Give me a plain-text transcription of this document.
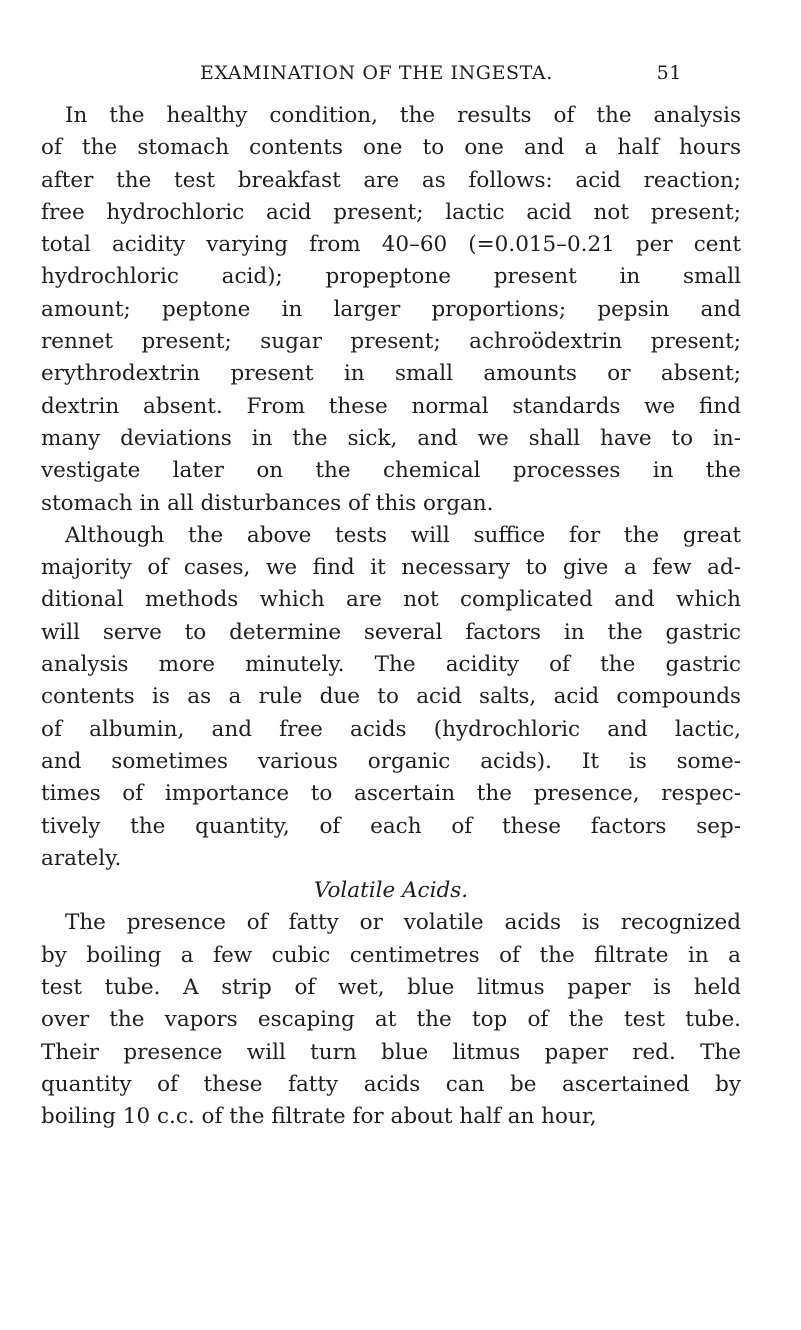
EXAMINATION OF THE INGESTA.	51
In the healthy condition, the results of the analysis
of the stomach contents one to one and a half hours
after the test breakfast are as follows: acid reaction;
free hydrochloric acid present; lactic acid not present;
total acidity varying from 40–60 (=0.015–0.21 per cent
hydrochloric acid); propeptone present in small
amount; peptone in larger proportions; pepsin and
rennet present; sugar present; achroödextrin present;
erythrodextrin present in small amounts or absent;
dextrin absent. From these normal standards we find
many deviations in the sick, and we shall have to in-
vestigate later on the chemical processes in the
stomach in all disturbances of this organ.
Although the above tests will suffice for the great
majority of cases, we find it necessary to give a few ad-
ditional methods which are not complicated and which
will serve to determine several factors in the gastric
analysis more minutely. The acidity of the gastric
contents is as a rule due to acid salts, acid compounds
of albumin, and free acids (hydrochloric and lactic,
and sometimes various organic acids). It is some-
times of importance to ascertain the presence, respec-
tively the quantity, of each of these factors sep-
arately.
Volatile Acids.
The presence of fatty or volatile acids is recognized
by boiling a few cubic centimetres of the filtrate in a
test tube. A strip of wet, blue litmus paper is held
over the vapors escaping at the top of the test tube.
Their presence will turn blue litmus paper red. The
quantity of these fatty acids can be ascertained by
boiling 10 c.c. of the filtrate for about half an hour,
